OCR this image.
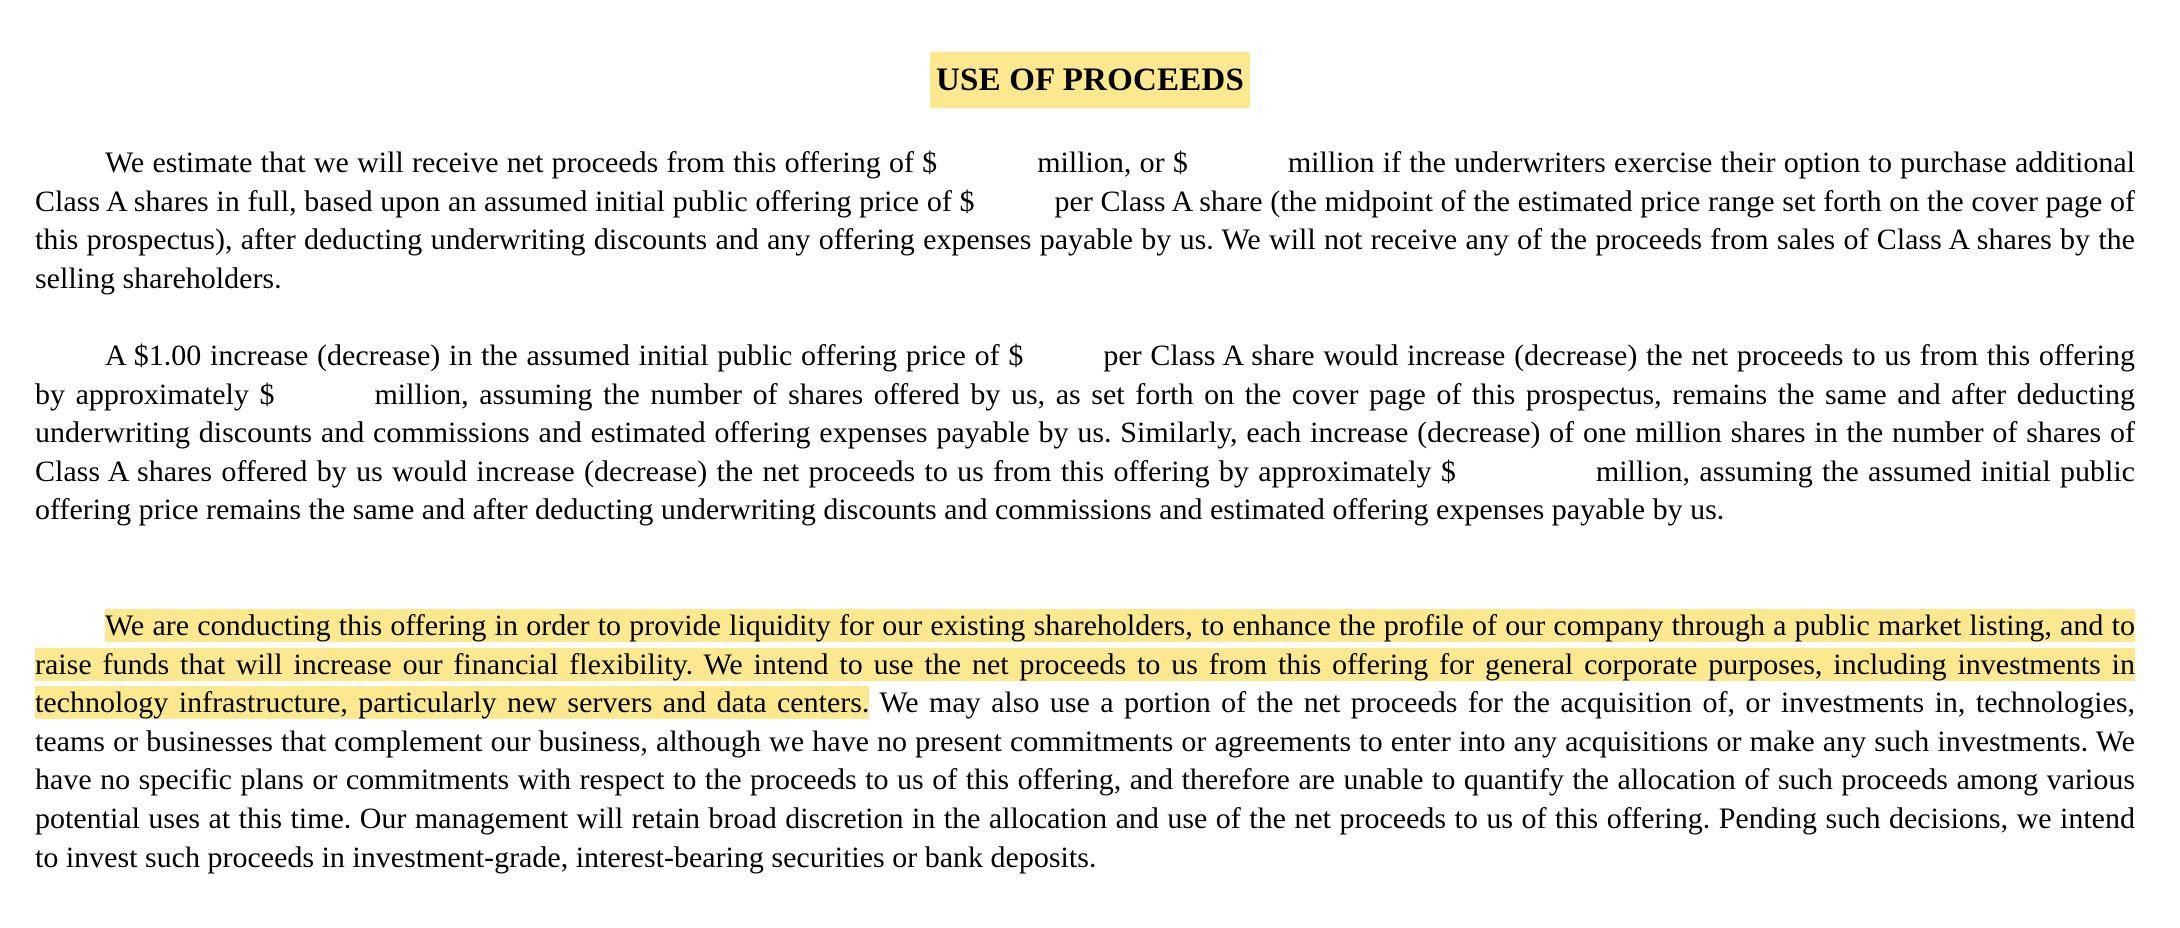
USE OF PROCEEDS

We estimate that we will receive net proceeds from this offering of $	million, or $	million if the underwriters exercise their option to purchase additional Class A shares in full, based upon an assumed initial public offering price of $	per Class A share (the midpoint of the estimated price range set forth on the cover page of this prospectus), after deducting underwriting discounts and any offering expenses payable by us. We will not receive any of the proceeds from sales of Class A shares by the selling shareholders.

A $1.00 increase (decrease) in the assumed initial public offering price of $	per Class A share would increase (decrease) the net proceeds to us from this offering by approximately $	million, assuming the number of shares offered by us, as set forth on the cover page of this prospectus, remains the same and after deducting underwriting discounts and commissions and estimated offering expenses payable by us. Similarly, each increase (decrease) of one million shares in the number of shares of Class A shares offered by us would increase (decrease) the net proceeds to us from this offering by approximately $	million, assuming the assumed initial public offering price remains the same and after deducting underwriting discounts and commissions and estimated offering expenses payable by us.

We are conducting this offering in order to provide liquidity for our existing shareholders, to enhance the profile of our company through a public market listing, and to raise funds that will increase our financial flexibility. We intend to use the net proceeds to us from this offering for general corporate purposes, including investments in technology infrastructure, particularly new servers and data centers. We may also use a portion of the net proceeds for the acquisition of, or investments in, technologies, teams or businesses that complement our business, although we have no present commitments or agreements to enter into any acquisitions or make any such investments. We have no specific plans or commitments with respect to the proceeds to us of this offering, and therefore are unable to quantify the allocation of such proceeds among various potential uses at this time. Our management will retain broad discretion in the allocation and use of the net proceeds to us of this offering. Pending such decisions, we intend to invest such proceeds in investment-grade, interest-bearing securities or bank deposits.
